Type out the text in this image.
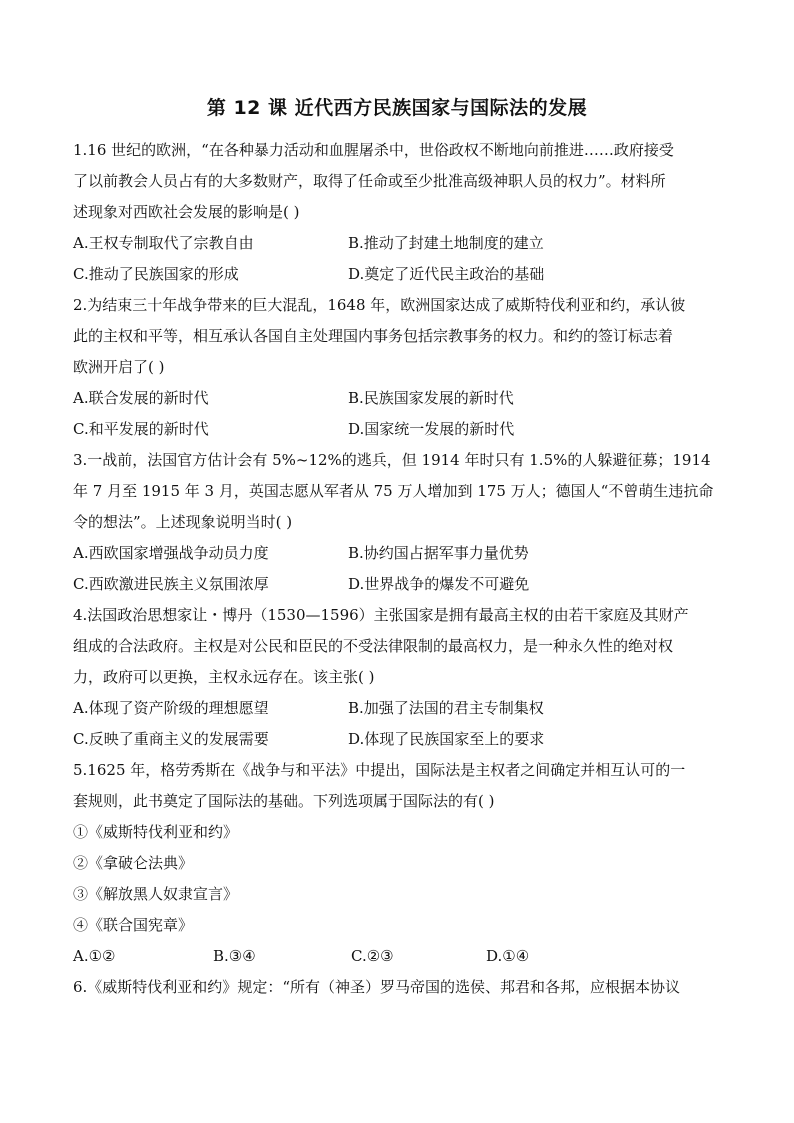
第 12 课 近代西方民族国家与国际法的发展
1.16 世纪的欧洲，“在各种暴力活动和血腥屠杀中，世俗政权不断地向前推进……政府接受
了以前教会人员占有的大多数财产，取得了任命或至少批准高级神职人员的权力”。材料所
述现象对西欧社会发展的影响是( )
A.王权专制取代了宗教自由	B.推动了封建土地制度的建立
C.推动了民族国家的形成	D.奠定了近代民主政治的基础
2.为结束三十年战争带来的巨大混乱，1648 年，欧洲国家达成了威斯特伐利亚和约，承认彼
此的主权和平等，相互承认各国自主处理国内事务包括宗教事务的权力。和约的签订标志着
欧洲开启了( )
A.联合发展的新时代	B.民族国家发展的新时代
C.和平发展的新时代	D.国家统一发展的新时代
3.一战前，法国官方估计会有 5%~12%的逃兵，但 1914 年时只有 1.5%的人躲避征募；1914
年 7 月至 1915 年 3 月，英国志愿从军者从 75 万人增加到 175 万人；德国人“不曾萌生违抗命
令的想法”。上述现象说明当时( )
A.西欧国家增强战争动员力度	B.协约国占据军事力量优势
C.西欧激进民族主义氛围浓厚	D.世界战争的爆发不可避免
4.法国政治思想家让・博丹（1530—1596）主张国家是拥有最高主权的由若干家庭及其财产
组成的合法政府。主权是对公民和臣民的不受法律限制的最高权力，是一种永久性的绝对权
力，政府可以更换，主权永远存在。该主张( )
A.体现了资产阶级的理想愿望	B.加强了法国的君主专制集权
C.反映了重商主义的发展需要	D.体现了民族国家至上的要求
5.1625 年，格劳秀斯在《战争与和平法》中提出，国际法是主权者之间确定并相互认可的一
套规则，此书奠定了国际法的基础。下列选项属于国际法的有( )
①《威斯特伐利亚和约》
②《拿破仑法典》
③《解放黑人奴隶宣言》
④《联合国宪章》
A.①②	B.③④	C.②③	D.①④
6.《威斯特伐利亚和约》规定：“所有（神圣）罗马帝国的选侯、邦君和各邦，应根据本协议
